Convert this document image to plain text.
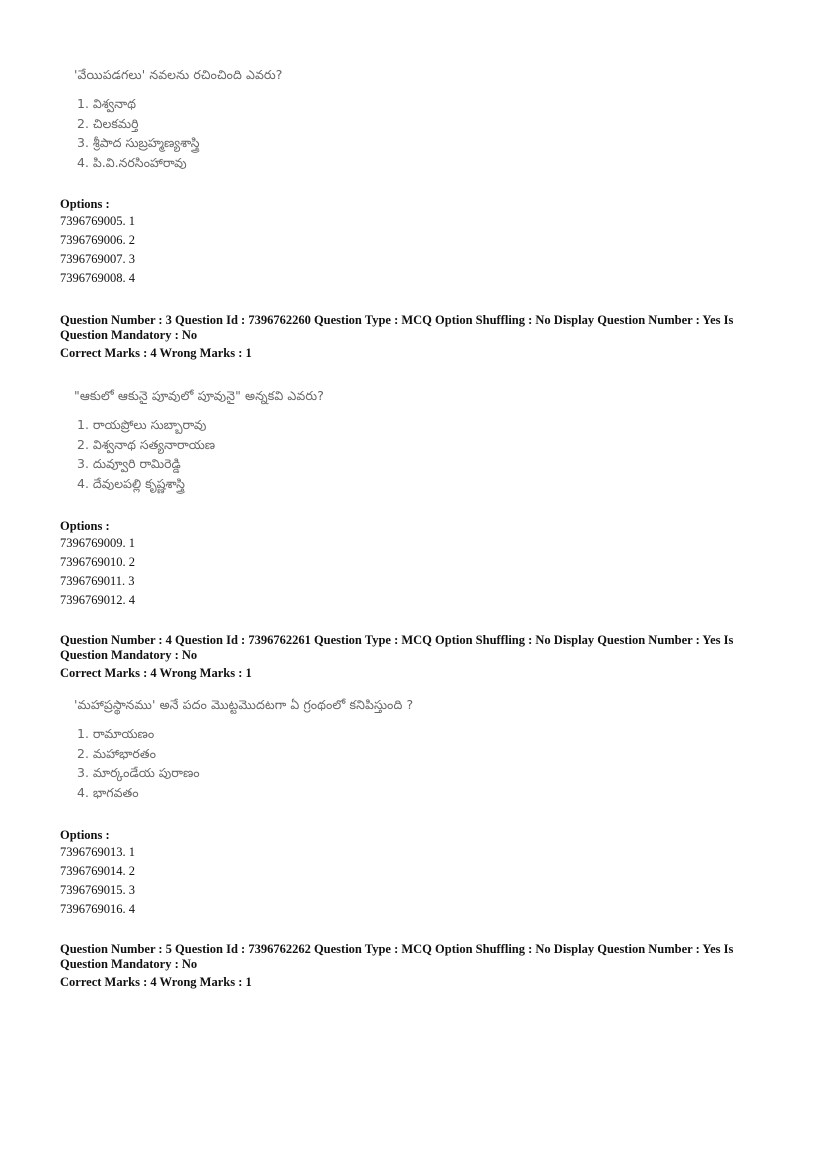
'వేయిపడగలు' నవలను రచించింది ఎవరు?
1. విశ్వనాథ
2. చిలకమర్తి
3. శ్రీపాద సుబ్రహ్మణ్యశాస్త్రి
4. పి.వి.నరసింహారావు
Options :
7396769005. 1
7396769006. 2
7396769007. 3
7396769008. 4
Question Number : 3 Question Id : 7396762260 Question Type : MCQ Option Shuffling : No Display Question Number : Yes Is
Question Mandatory : No
Correct Marks : 4 Wrong Marks : 1
"ఆకులో ఆకునై పూవులో పూవునై" అన్నకవి ఎవరు?
1. రాయప్రోలు సుబ్బారావు
2. విశ్వనాథ సత్యనారాయణ
3. దువ్వూరి రామిరెడ్డి
4. దేవులపల్లి కృష్ణశాస్త్రి
Options :
7396769009. 1
7396769010. 2
7396769011. 3
7396769012. 4
Question Number : 4 Question Id : 7396762261 Question Type : MCQ Option Shuffling : No Display Question Number : Yes Is
Question Mandatory : No
Correct Marks : 4 Wrong Marks : 1
'మహాప్రస్థానము' అనే పదం మొట్టమొదటగా ఏ గ్రంథంలో కనిపిస్తుంది ?
1. రామాయణం
2. మహాభారతం
3. మార్కండేయ పురాణం
4. భాగవతం
Options :
7396769013. 1
7396769014. 2
7396769015. 3
7396769016. 4
Question Number : 5 Question Id : 7396762262 Question Type : MCQ Option Shuffling : No Display Question Number : Yes Is
Question Mandatory : No
Correct Marks : 4 Wrong Marks : 1
